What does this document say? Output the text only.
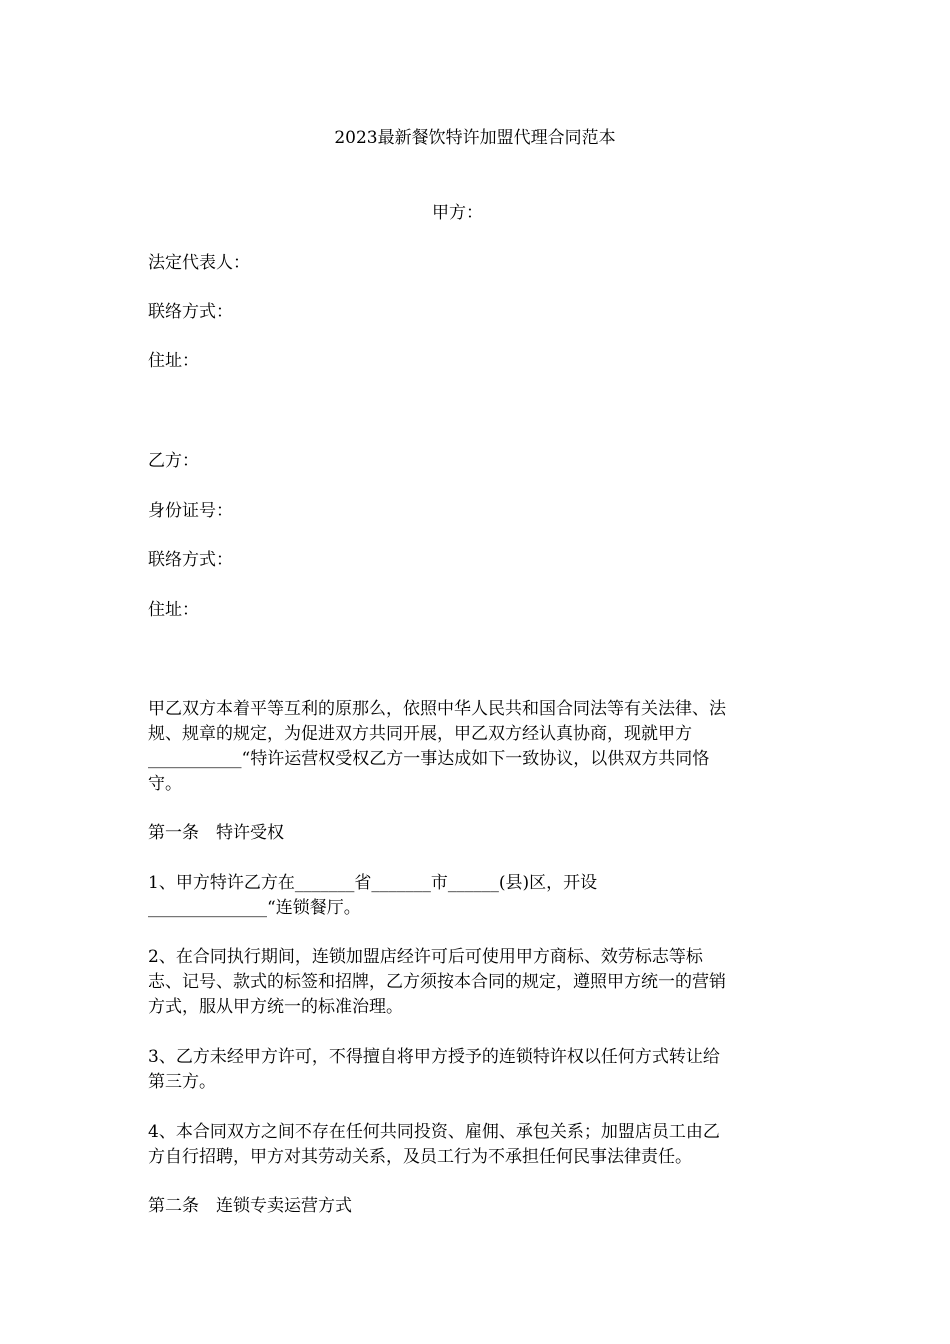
2023最新餐饮特许加盟代理合同范本
甲方：
法定代表人：
联络方式：
住址：
乙方：
身份证号：
联络方式：
住址：
甲乙双方本着平等互利的原那么，依照中华人民共和国合同法等有关法律、法
规、规章的规定，为促进双方共同开展，甲乙双方经认真协商，现就甲方
___________“特许运营权受权乙方一事达成如下一致协议，以供双方共同恪
守。
第一条　特许受权
1、甲方特许乙方在_______省_______市______(县)区，开设
______________“连锁餐厅。
2、在合同执行期间，连锁加盟店经许可后可使用甲方商标、效劳标志等标
志、记号、款式的标签和招牌，乙方须按本合同的规定，遵照甲方统一的营销
方式，服从甲方统一的标准治理。
3、乙方未经甲方许可，不得擅自将甲方授予的连锁特许权以任何方式转让给
第三方。
4、本合同双方之间不存在任何共同投资、雇佣、承包关系；加盟店员工由乙
方自行招聘，甲方对其劳动关系，及员工行为不承担任何民事法律责任。
第二条　连锁专卖运营方式
